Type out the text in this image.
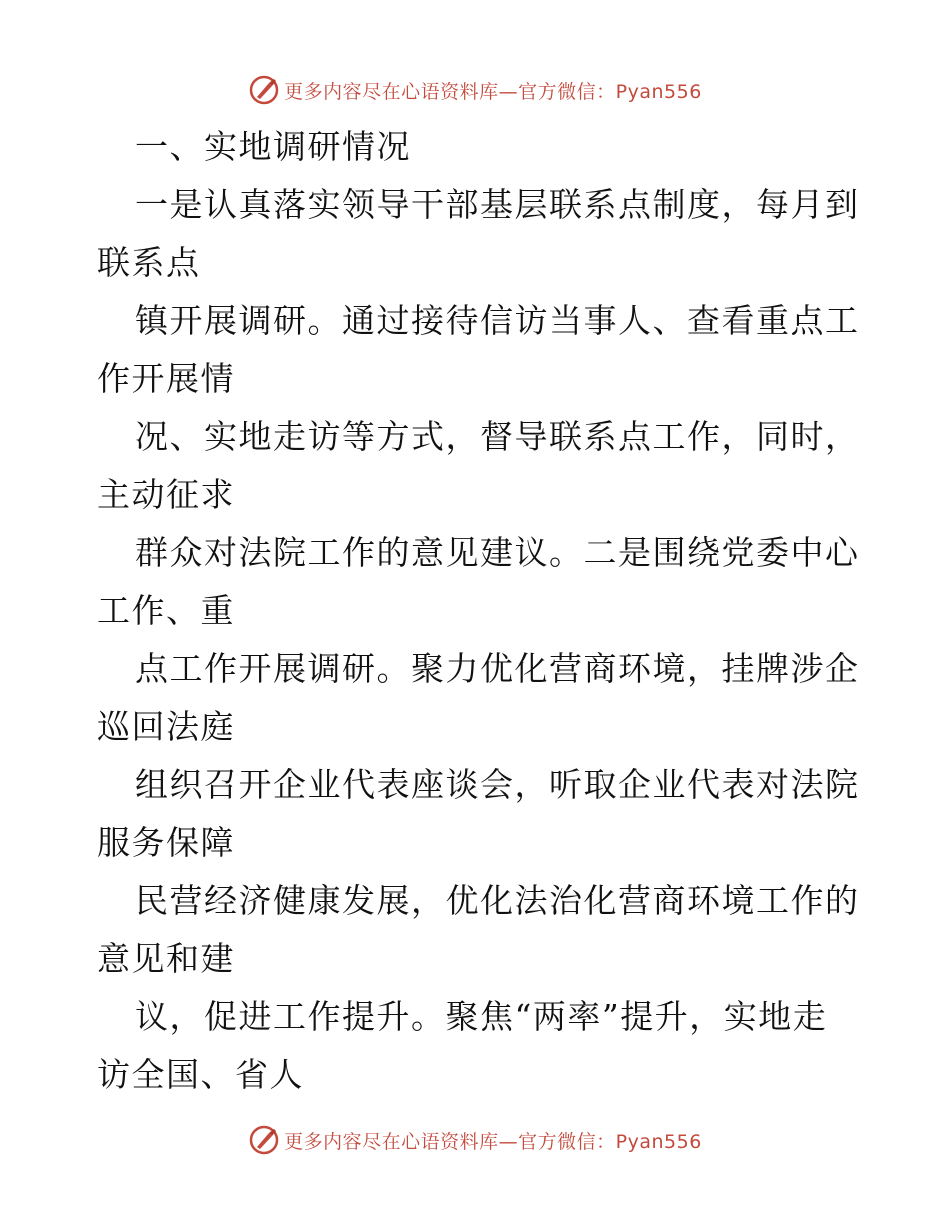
更多内容尽在心语资料库—官方微信：Pyan556
一、实地调研情况
一是认真落实领导干部基层联系点制度，每月到
联系点
镇开展调研。通过接待信访当事人、查看重点工
作开展情
况、实地走访等方式，督导联系点工作，同时，
主动征求
群众对法院工作的意见建议。二是围绕党委中心
工作、重
点工作开展调研。聚力优化营商环境，挂牌涉企
巡回法庭
组织召开企业代表座谈会，听取企业代表对法院
服务保障
民营经济健康发展，优化法治化营商环境工作的
意见和建
议，促进工作提升。聚焦“两率”提升，实地走
访全国、省人
更多内容尽在心语资料库—官方微信：Pyan556
